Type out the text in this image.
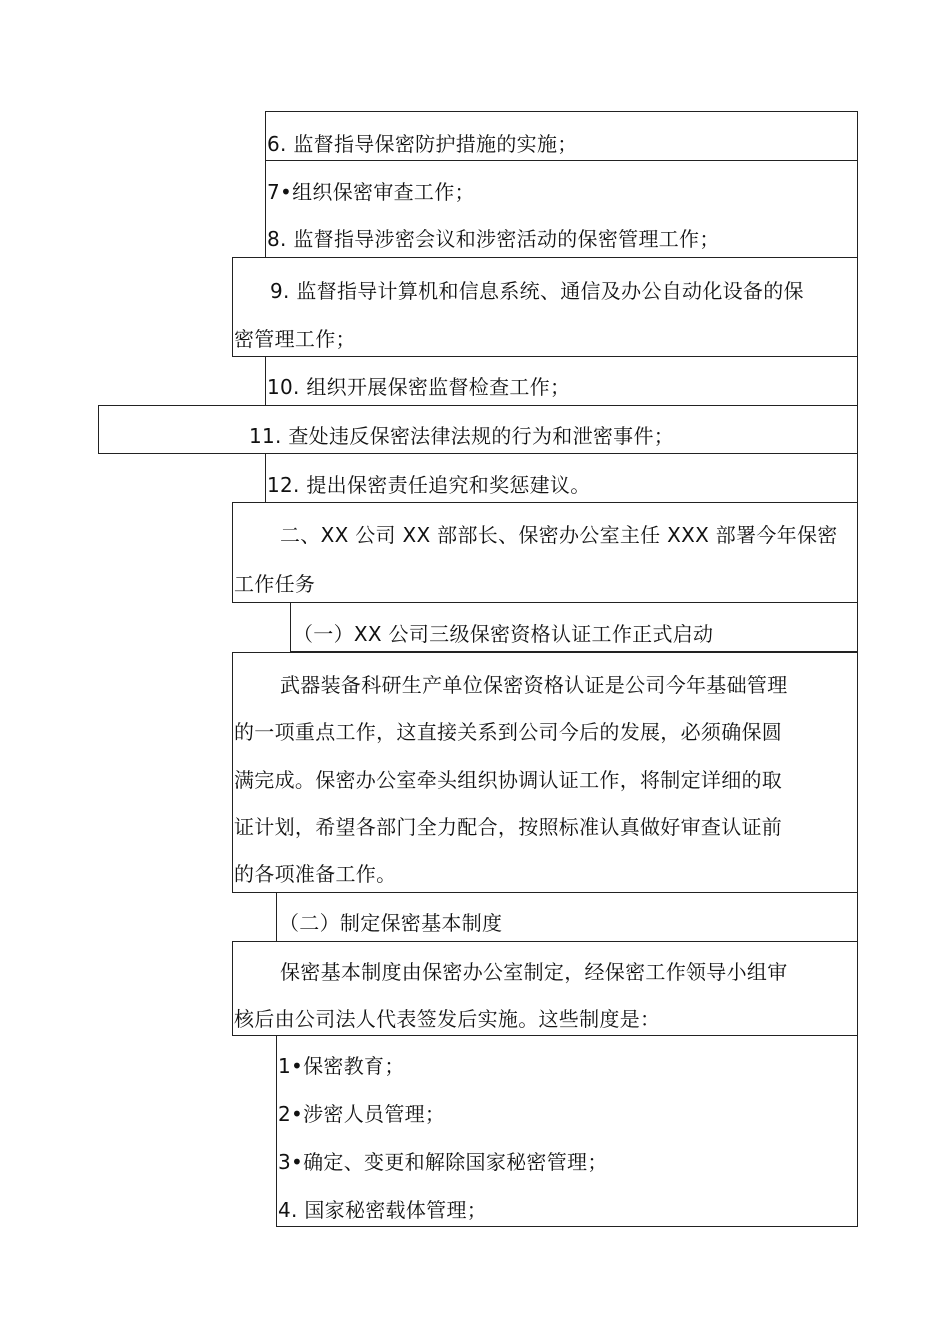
6. 监督指导保密防护措施的实施；
7•组织保密审查工作；
8. 监督指导涉密会议和涉密活动的保密管理工作；
9. 监督指导计算机和信息系统、通信及办公自动化设备的保
密管理工作；
10. 组织开展保密监督检查工作；
11. 查处违反保密法律法规的行为和泄密事件；
12. 提出保密责任追究和奖惩建议。
二、XX 公司 XX 部部长、保密办公室主任 XXX 部署今年保密
工作任务
（一）XX 公司三级保密资格认证工作正式启动
武器装备科研生产单位保密资格认证是公司今年基础管理
的一项重点工作，这直接关系到公司今后的发展，必须确保圆
满完成。保密办公室牵头组织协调认证工作，将制定详细的取
证计划，希望各部门全力配合，按照标准认真做好审查认证前
的各项准备工作。
（二）制定保密基本制度
保密基本制度由保密办公室制定，经保密工作领导小组审
核后由公司法人代表签发后实施。这些制度是：
1•保密教育；
2•涉密人员管理；
3•确定、变更和解除国家秘密管理；
4. 国家秘密载体管理；
